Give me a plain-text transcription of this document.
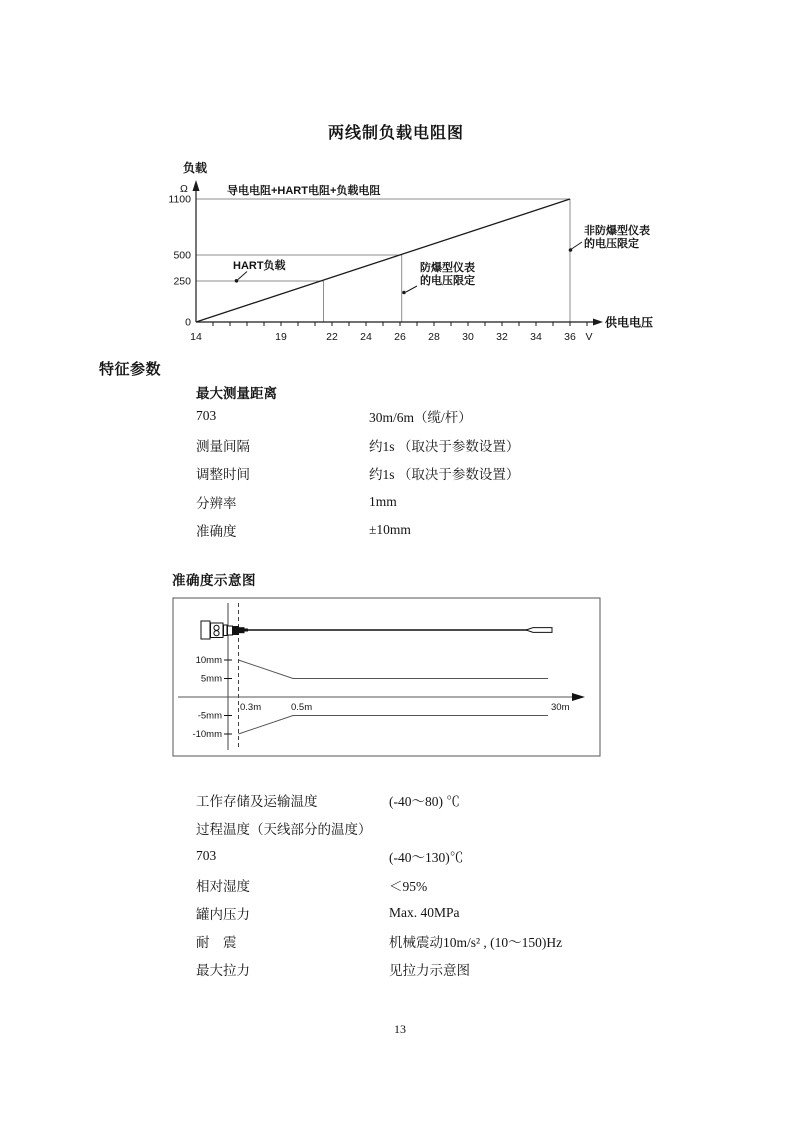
两线制负载电阻图
14	19	22 24 26 28 30 32 34 36 V
0
250
500
1100
供电电压
负载
Ω	导电电阻+HART电阻+负载电阻
HART负载	防爆型仪表
的电压限定
非防爆型仪表
的电压限定
特征参数
最大测量距离
703	30m/6m（缆/杆）
测量间隔	约1s （取决于参数设置）
调整时间	约1s （取决于参数设置）
分辨率	1mm
准确度	±10mm
准确度示意图
10mm
5mm
-5mm
-10mm
0.3m	0.5m	30m
工作存储及运输温度	(-40～80) ℃
过程温度（天线部分的温度）
703	(-40～130)℃
相对湿度	＜95%
罐内压力	Max. 40MPa
耐　震	机械震动10m/s² , (10～150)Hz
最大拉力	见拉力示意图
13
